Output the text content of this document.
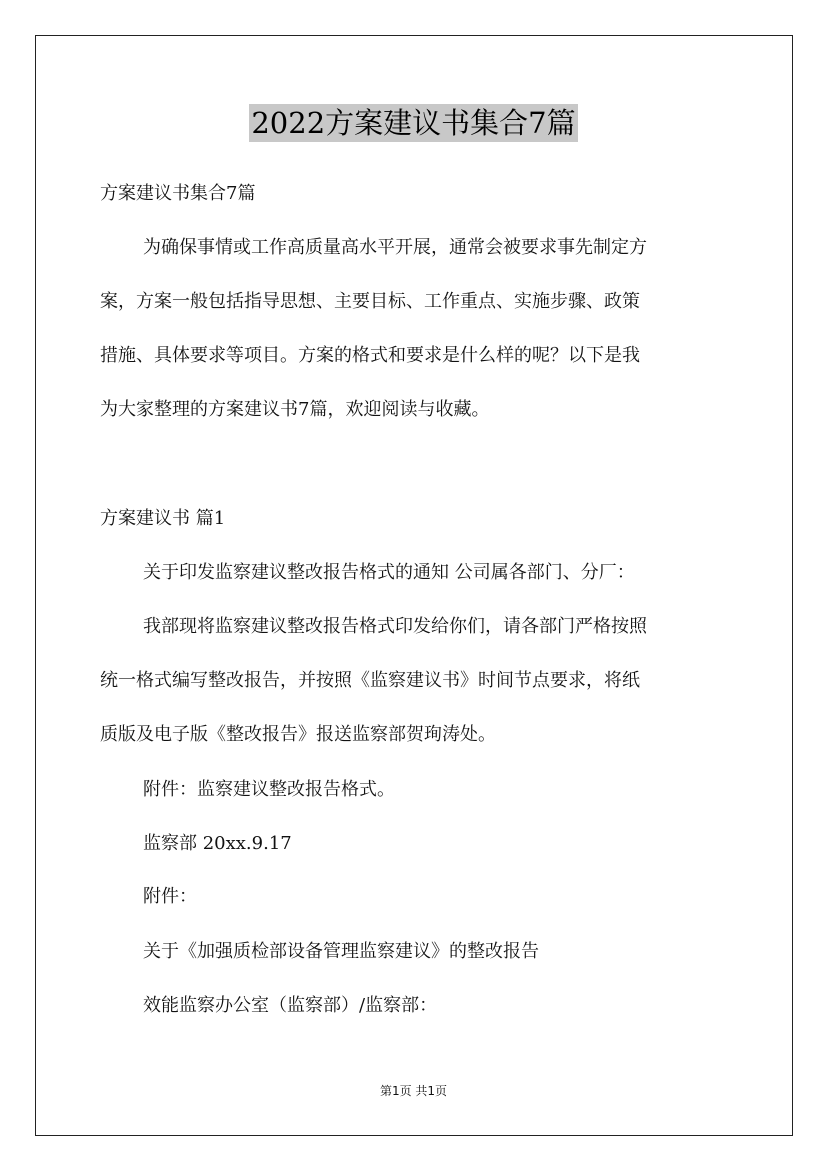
2022方案建议书集合7篇
方案建议书集合7篇
为确保事情或工作高质量高水平开展，通常会被要求事先制定方
案，方案一般包括指导思想、主要目标、工作重点、实施步骤、政策
措施、具体要求等项目。方案的格式和要求是什么样的呢？以下是我
为大家整理的方案建议书7篇，欢迎阅读与收藏。
方案建议书 篇1
关于印发监察建议整改报告格式的通知 公司属各部门、分厂：
我部现将监察建议整改报告格式印发给你们，请各部门严格按照
统一格式编写整改报告，并按照《监察建议书》时间节点要求，将纸
质版及电子版《整改报告》报送监察部贺珣涛处。
附件：监察建议整改报告格式。
监察部 20xx.9.17
附件：
关于《加强质检部设备管理监察建议》的整改报告
效能监察办公室（监察部）/监察部：
第1页 共1页
